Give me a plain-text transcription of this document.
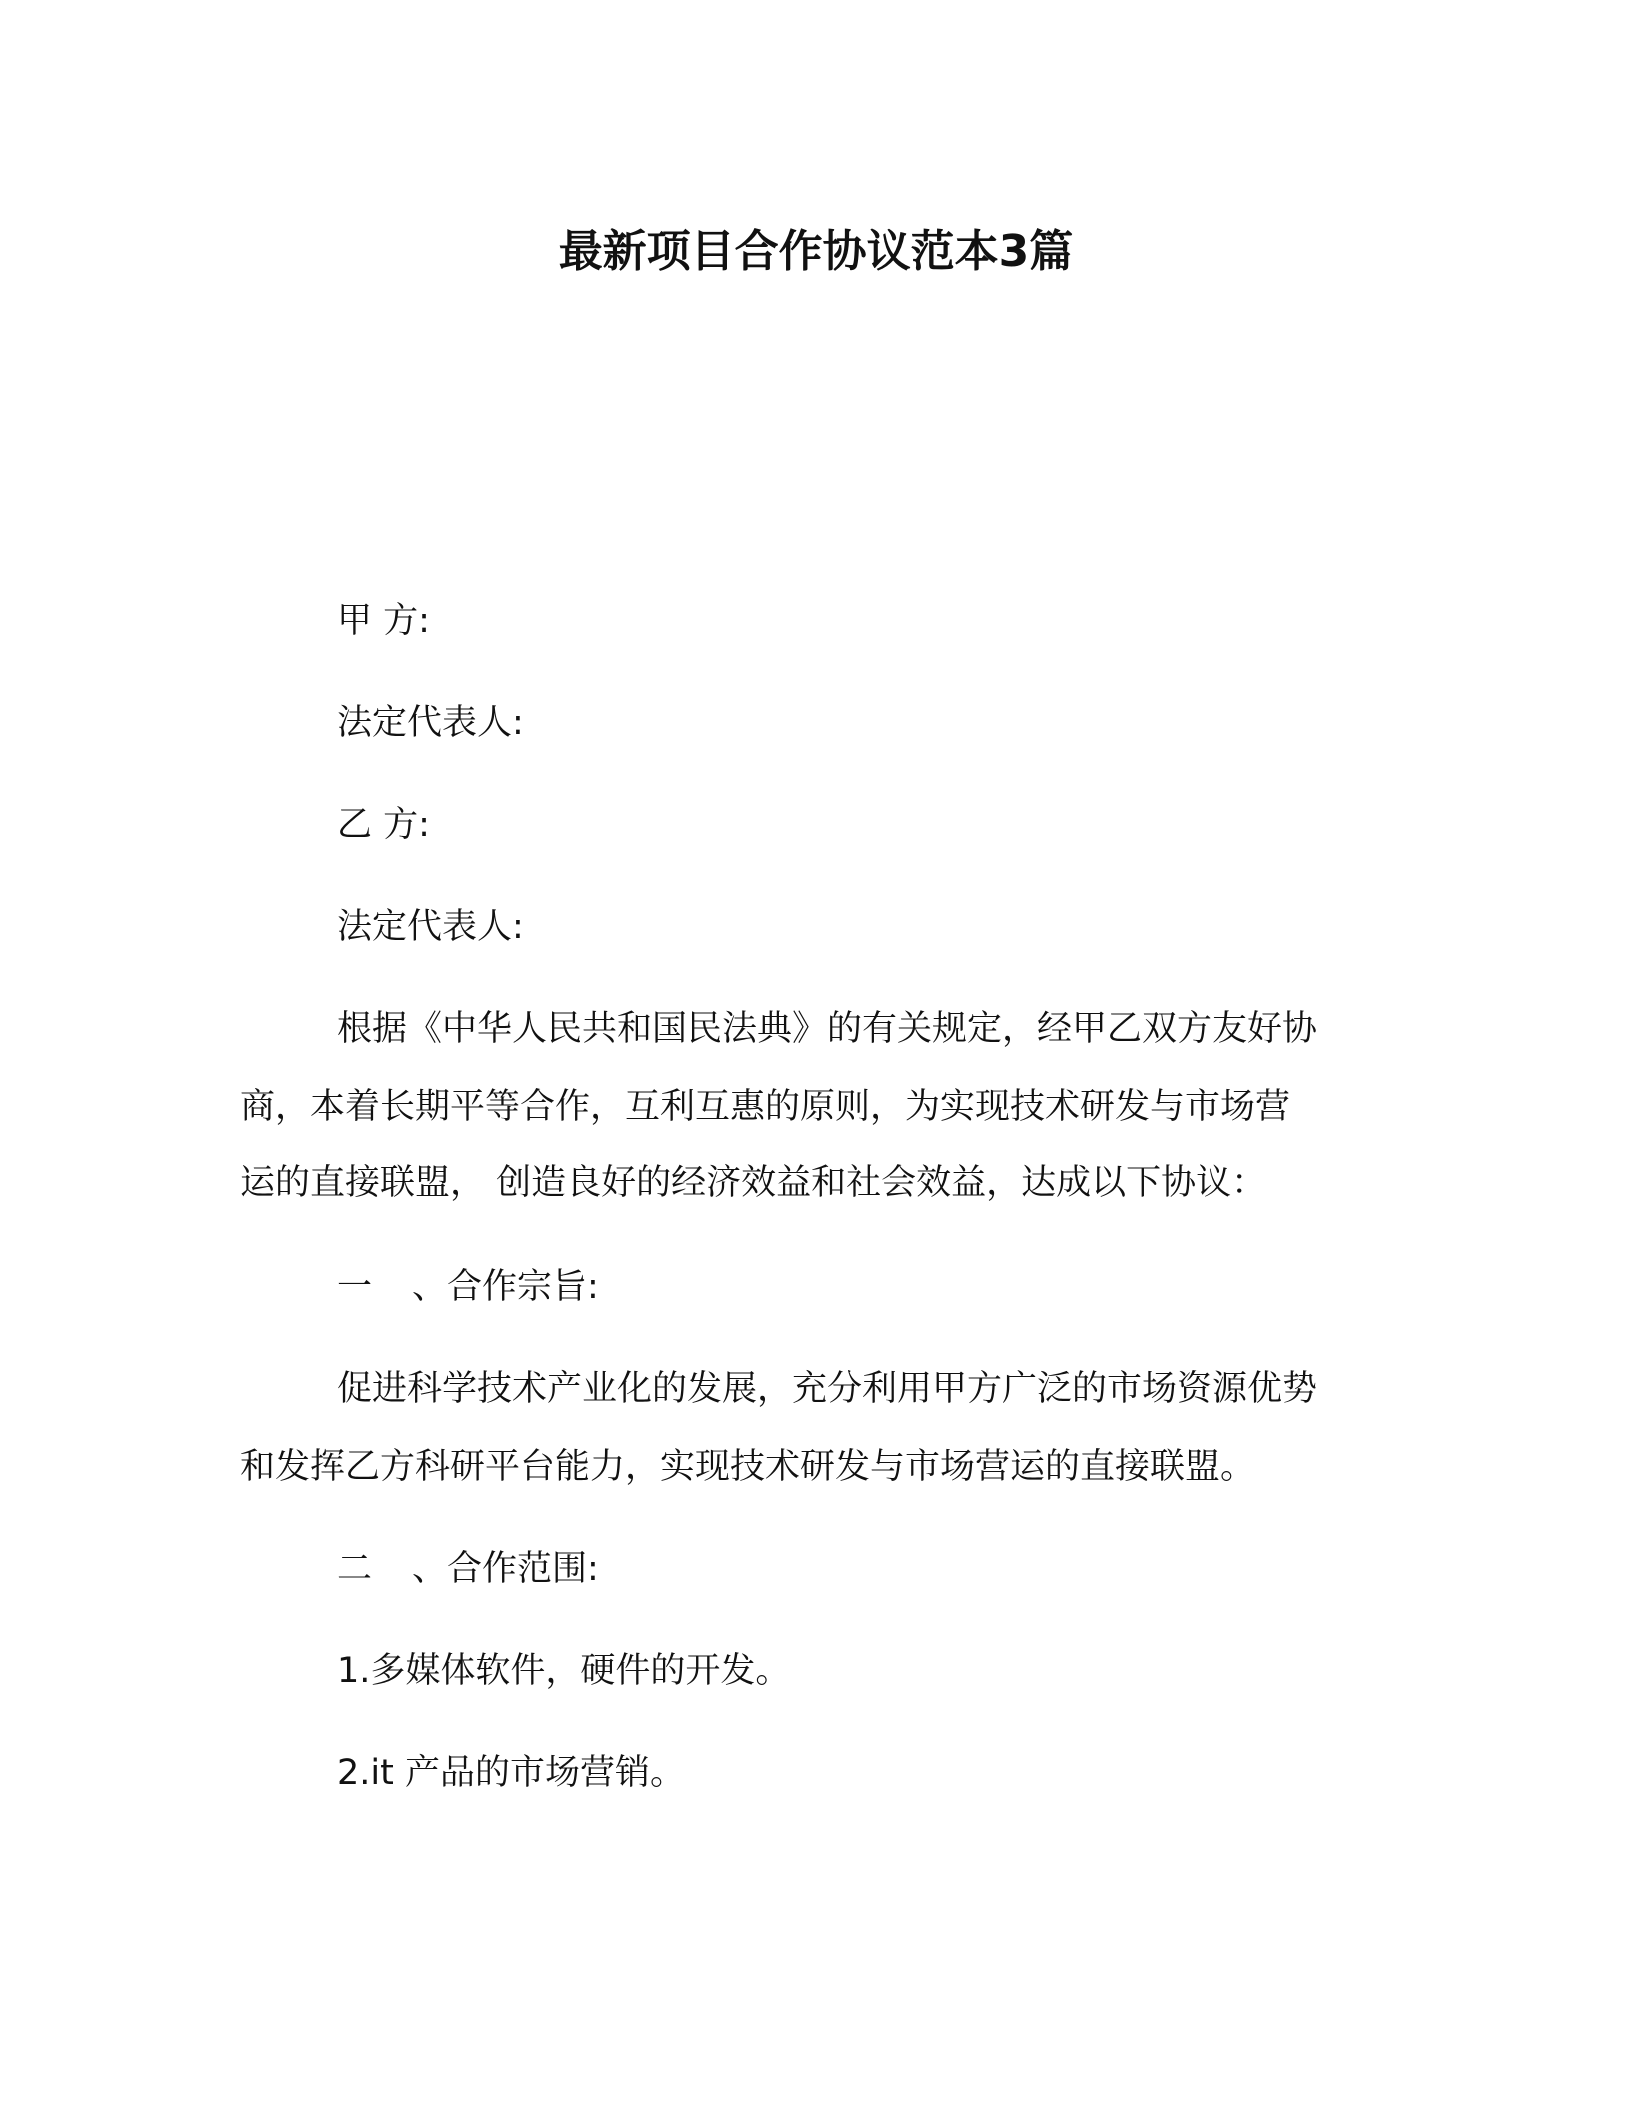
最新项目合作协议范本3篇

甲 方:

法定代表人:

乙 方:

法定代表人:

根据《中华人民共和国民法典》的有关规定，经甲乙双方友好协

商，本着长期平等合作，互利互惠的原则，为实现技术研发与市场营

运的直接联盟， 创造良好的经济效益和社会效益，达成以下协议：

一 、合作宗旨:

促进科学技术产业化的发展，充分利用甲方广泛的市场资源优势

和发挥乙方科研平台能力，实现技术研发与市场营运的直接联盟。

二 、合作范围:

1.多媒体软件，硬件的开发。

2.it 产品的市场营销。
